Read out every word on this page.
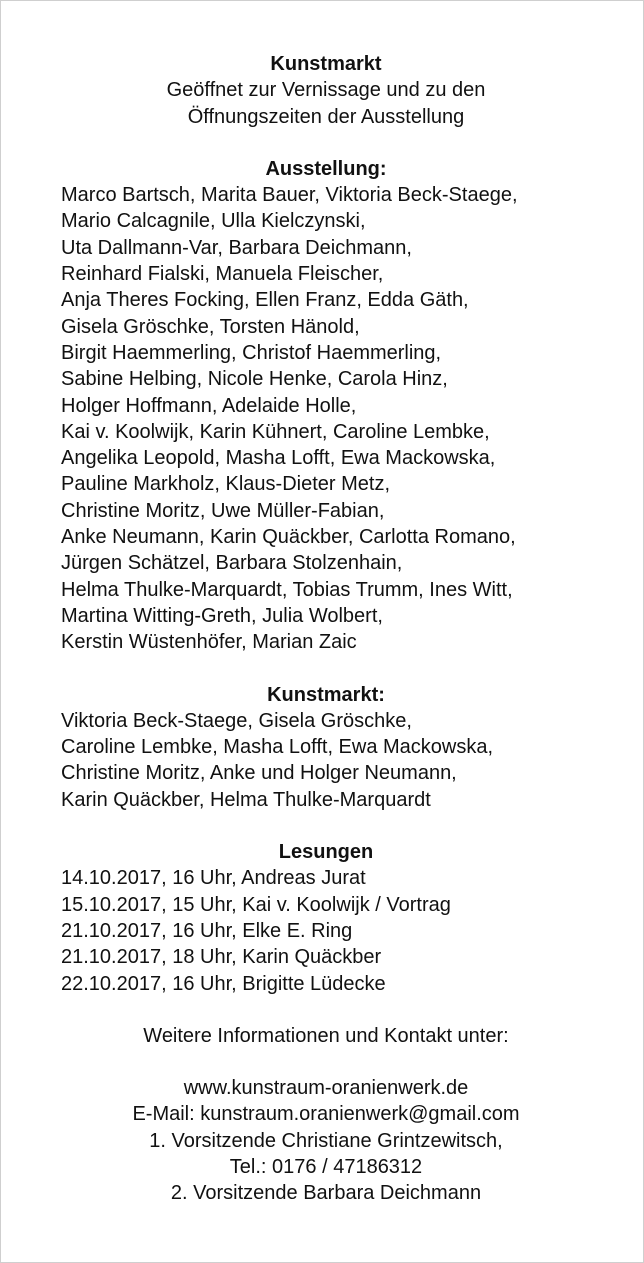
Kunstmarkt
Geöffnet zur Vernissage und zu den
Öffnungszeiten der Ausstellung
Ausstellung:
Marco Bartsch, Marita Bauer, Viktoria Beck-Staege,
Mario Calcagnile, Ulla Kielczynski,
Uta Dallmann-Var, Barbara Deichmann,
Reinhard Fialski, Manuela Fleischer,
Anja Theres Focking, Ellen Franz, Edda Gäth,
Gisela Gröschke, Torsten Hänold,
Birgit Haemmerling, Christof Haemmerling,
Sabine Helbing, Nicole Henke, Carola Hinz,
Holger Hoffmann, Adelaide Holle,
Kai v. Koolwijk, Karin Kühnert, Caroline Lembke,
Angelika Leopold, Masha Lofft, Ewa Mackowska,
Pauline Markholz, Klaus-Dieter Metz,
Christine Moritz, Uwe Müller-Fabian,
Anke Neumann, Karin Quäckber, Carlotta Romano,
Jürgen Schätzel, Barbara Stolzenhain,
Helma Thulke-Marquardt, Tobias Trumm, Ines Witt,
Martina Witting-Greth, Julia Wolbert,
Kerstin Wüstenhöfer, Marian Zaic
Kunstmarkt:
Viktoria Beck-Staege, Gisela Gröschke,
Caroline Lembke, Masha Lofft, Ewa Mackowska,
Christine Moritz, Anke und Holger Neumann,
Karin Quäckber, Helma Thulke-Marquardt
Lesungen
14.10.2017, 16 Uhr, Andreas Jurat
15.10.2017, 15 Uhr, Kai v. Koolwijk / Vortrag
21.10.2017, 16 Uhr, Elke E. Ring
21.10.2017, 18 Uhr, Karin Quäckber
22.10.2017, 16 Uhr, Brigitte Lüdecke
Weitere Informationen und Kontakt unter:
www.kunstraum-oranienwerk.de
E-Mail: kunstraum.oranienwerk@gmail.com
1. Vorsitzende Christiane Grintzewitsch,
Tel.: 0176 / 47186312
2. Vorsitzende Barbara Deichmann
